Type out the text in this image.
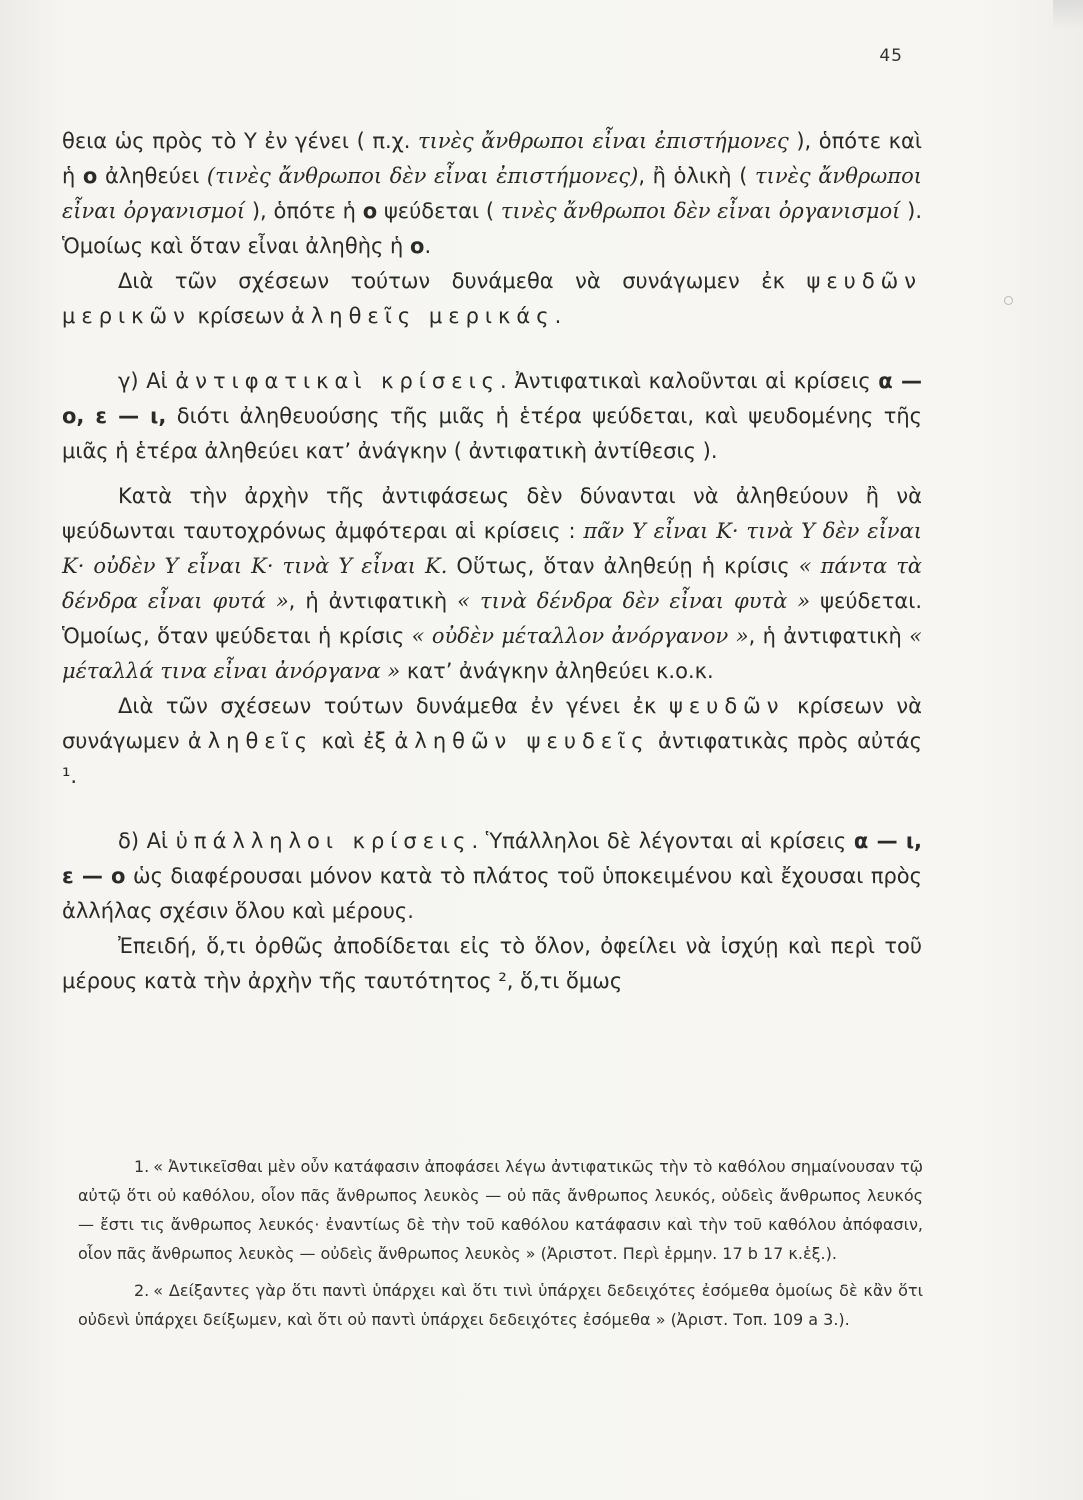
45

θεια ὡς πρὸς τὸ Υ ἐν γένει ( π.χ. τινὲς ἄνθρωποι εἶναι ἐπιστήμονες ), ὁπότε καὶ ἡ ο ἀληθεύει (τινὲς ἄνθρωποι δὲν εἶναι ἐπιστήμονες), ἢ ὁλικὴ ( τινὲς ἄνθρωποι εἶναι ὀργανισμοί ), ὁπότε ἡ ο ψεύδεται ( τινὲς ἄνθρωποι δὲν εἶναι ὀργανισμοί ). Ὁμοίως καὶ ὅταν εἶναι ἀληθὴς ἡ ο.

Διὰ τῶν σχέσεων τούτων δυνάμεθα νὰ συνάγωμεν ἐκ ψευδῶν μερικῶν κρίσεων ἀληθεῖς μερικάς.

γ) Αἱ ἀντιφατικαὶ κρίσεις. Ἀντιφατικαὶ καλοῦνται αἱ κρίσεις α — ο, ε — ι, διότι ἀληθευούσης τῆς μιᾶς ἡ ἑτέρα ψεύδεται, καὶ ψευδομένης τῆς μιᾶς ἡ ἑτέρα ἀληθεύει κατ’ ἀνάγκην ( ἀντιφατικὴ ἀντίθεσις ).

Κατὰ τὴν ἀρχὴν τῆς ἀντιφάσεως δὲν δύνανται νὰ ἀληθεύουν ἢ νὰ ψεύδωνται ταυτοχρόνως ἀμφότεραι αἱ κρίσεις : πᾶν Υ εἶναι Κ· τινὰ Υ δὲν εἶναι Κ· οὐδὲν Υ εἶναι Κ· τινὰ Υ εἶναι Κ. Οὕτως, ὅταν ἀληθεύῃ ἡ κρίσις « πάντα τὰ δένδρα εἶναι φυτά », ἡ ἀντιφατικὴ « τινὰ δένδρα δὲν εἶναι φυτὰ » ψεύδεται. Ὁμοίως, ὅταν ψεύδεται ἡ κρίσις « οὐδὲν μέταλλον ἀνόργανον », ἡ ἀντιφατικὴ « μέταλλά τινα εἶναι ἀνόργανα » κατ’ ἀνάγκην ἀληθεύει κ.ο.κ.

Διὰ τῶν σχέσεων τούτων δυνάμεθα ἐν γένει ἐκ ψευδῶν κρίσεων νὰ συνάγωμεν ἀληθεῖς καὶ ἐξ ἀληθῶν ψευδεῖς ἀντιφατικὰς πρὸς αὐτάς ¹.

δ) Αἱ ὑπάλληλοι κρίσεις. Ὑπάλληλοι δὲ λέγονται αἱ κρίσεις α — ι, ε — ο ὡς διαφέρουσαι μόνον κατὰ τὸ πλάτος τοῦ ὑποκειμένου καὶ ἔχουσαι πρὸς ἀλλήλας σχέσιν ὅλου καὶ μέρους.

Ἐπειδή, ὅ,τι ὀρθῶς ἀποδίδεται εἰς τὸ ὅλον, ὀφείλει νὰ ἰσχύῃ καὶ περὶ τοῦ μέρους κατὰ τὴν ἀρχὴν τῆς ταυτότητος ², ὅ,τι ὅμως

1. « Ἀντικεῖσθαι μὲν οὖν κατάφασιν ἀποφάσει λέγω ἀντιφατικῶς τὴν τὸ καθόλου σημαίνουσαν τῷ αὐτῷ ὅτι οὐ καθόλου, οἷον πᾶς ἄνθρωπος λευκὸς — οὐ πᾶς ἄνθρωπος λευκός, οὐδεὶς ἄνθρωπος λευκός — ἔστι τις ἄνθρωπος λευκός· ἐναντίως δὲ τὴν τοῦ καθόλου κατάφασιν καὶ τὴν τοῦ καθόλου ἀπόφασιν, οἷον πᾶς ἄνθρωπος λευκὸς — οὐδεὶς ἄνθρωπος λευκὸς » (Ἀριστοτ. Περὶ ἑρμην. 17 b 17 κ.ἑξ.).

2. « Δείξαντες γὰρ ὅτι παντὶ ὑπάρχει καὶ ὅτι τινὶ ὑπάρχει δεδειχότες ἐσόμεθα ὁμοίως δὲ κἂν ὅτι οὐδενὶ ὑπάρχει δείξωμεν, καὶ ὅτι οὐ παντὶ ὑπάρχει δεδειχότες ἐσόμεθα » (Ἀριστ. Τοπ. 109 a 3.).
